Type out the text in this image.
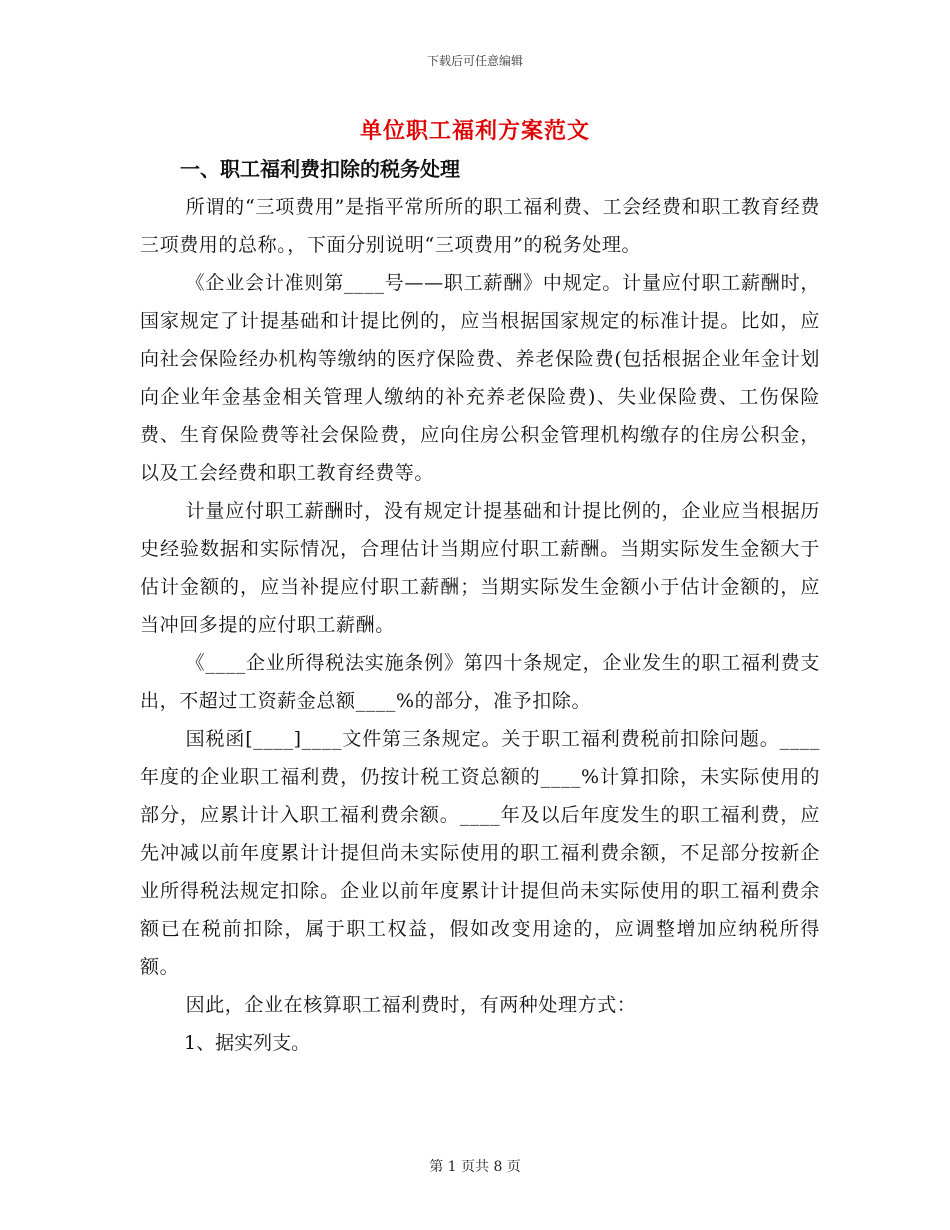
下载后可任意编辑
单位职工福利方案范文

一、职工福利费扣除的税务处理

所谓的“三项费用”是指平常所所的职工福利费、工会经费和职工教育经费三项费用的总称。，下面分别说明“三项费用”的税务处理。

《企业会计准则第____号——职工薪酬》中规定。计量应付职工薪酬时，国家规定了计提基础和计提比例的，应当根据国家规定的标准计提。比如，应向社会保险经办机构等缴纳的医疗保险费、养老保险费(包括根据企业年金计划向企业年金基金相关管理人缴纳的补充养老保险费)、失业保险费、工伤保险费、生育保险费等社会保险费，应向住房公积金管理机构缴存的住房公积金，以及工会经费和职工教育经费等。

计量应付职工薪酬时，没有规定计提基础和计提比例的，企业应当根据历史经验数据和实际情况，合理估计当期应付职工薪酬。当期实际发生金额大于估计金额的，应当补提应付职工薪酬；当期实际发生金额小于估计金额的，应当冲回多提的应付职工薪酬。

《____企业所得税法实施条例》第四十条规定，企业发生的职工福利费支出，不超过工资薪金总额____%的部分，准予扣除。

国税函[____]____文件第三条规定。关于职工福利费税前扣除问题。____年度的企业职工福利费，仍按计税工资总额的____%计算扣除，未实际使用的部分，应累计计入职工福利费余额。____年及以后年度发生的职工福利费，应先冲减以前年度累计计提但尚未实际使用的职工福利费余额，不足部分按新企业所得税法规定扣除。企业以前年度累计计提但尚未实际使用的职工福利费余额已在税前扣除，属于职工权益，假如改变用途的，应调整增加应纳税所得额。

因此，企业在核算职工福利费时，有两种处理方式：

1、据实列支。

第 1 页共 8 页
